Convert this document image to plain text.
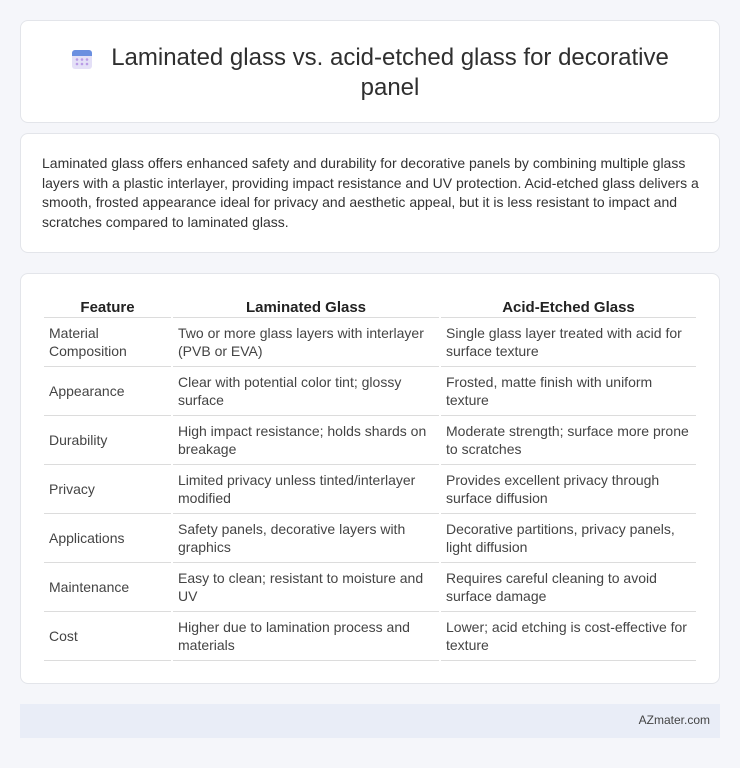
Laminated glass vs. acid-etched glass for decorative panel

Laminated glass offers enhanced safety and durability for decorative panels by combining multiple glass layers with a plastic interlayer, providing impact resistance and UV protection. Acid-etched glass delivers a smooth, frosted appearance ideal for privacy and aesthetic appeal, but it is less resistant to impact and scratches compared to laminated glass.

Feature	Laminated Glass	Acid-Etched Glass
Material Composition	Two or more glass layers with interlayer (PVB or EVA)	Single glass layer treated with acid for surface texture
Appearance	Clear with potential color tint; glossy surface	Frosted, matte finish with uniform texture
Durability	High impact resistance; holds shards on breakage	Moderate strength; surface more prone to scratches
Privacy	Limited privacy unless tinted/interlayer modified	Provides excellent privacy through surface diffusion
Applications	Safety panels, decorative layers with graphics	Decorative partitions, privacy panels, light diffusion
Maintenance	Easy to clean; resistant to moisture and UV	Requires careful cleaning to avoid surface damage
Cost	Higher due to lamination process and materials	Lower; acid etching is cost-effective for texture
AZmater.com
